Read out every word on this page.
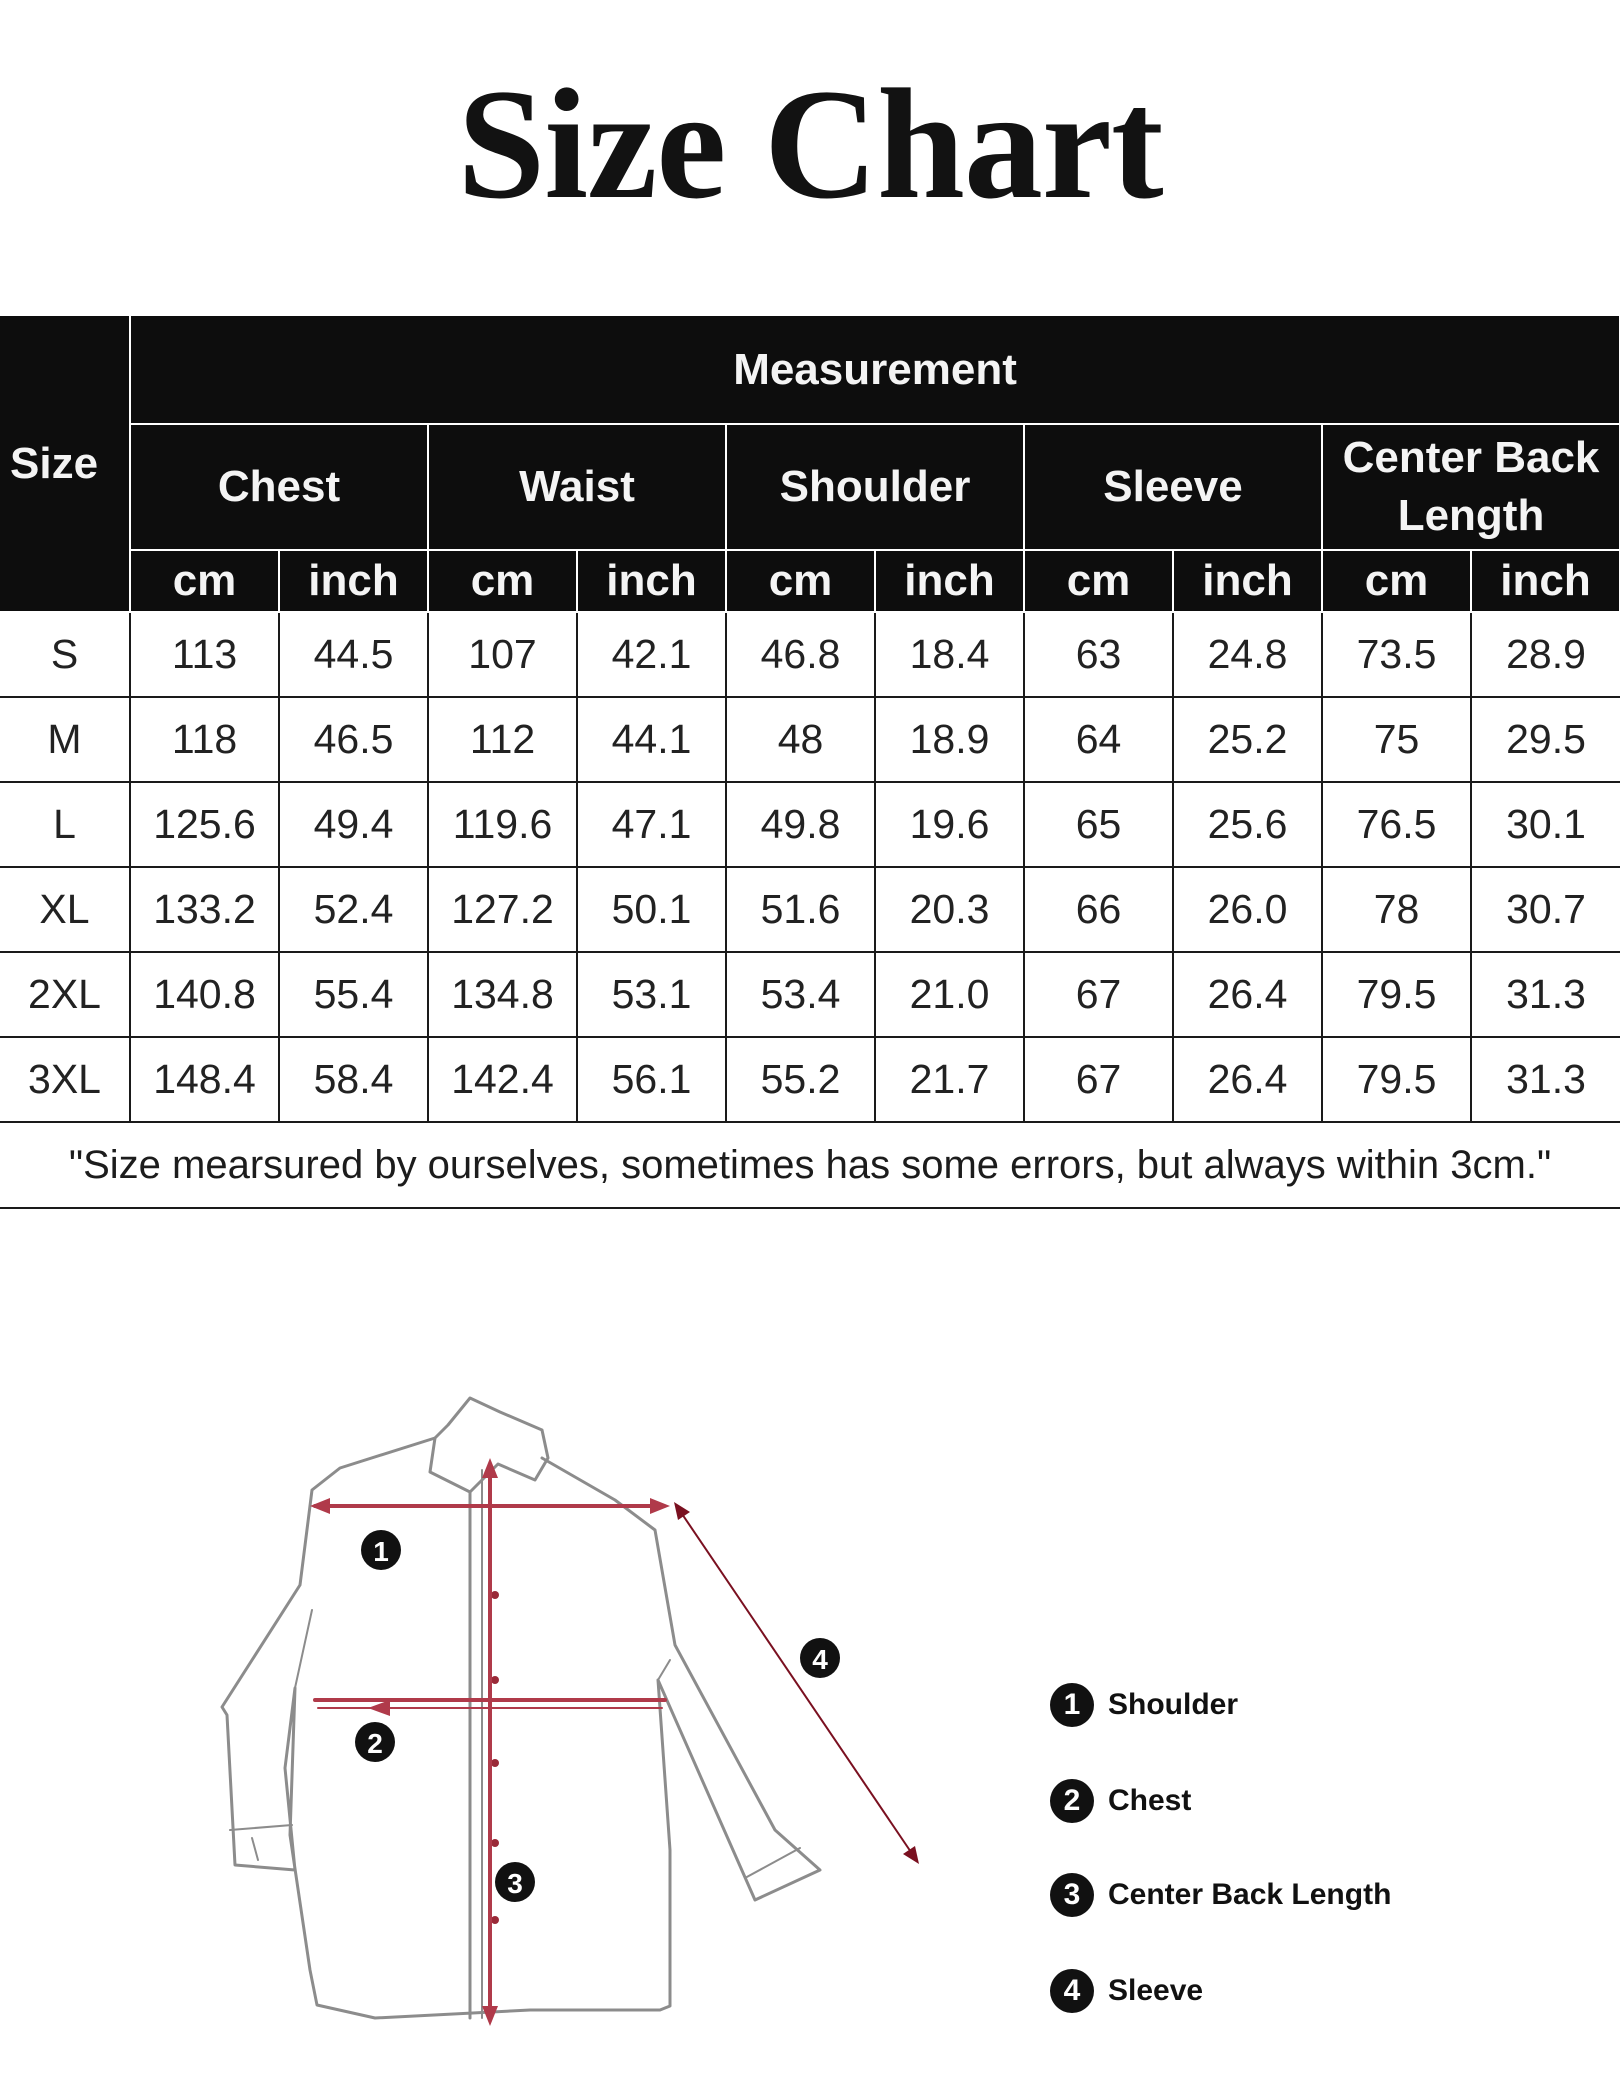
Size Chart
Size	Measurement									
	Chest		Waist		Shoulder		Sleeve		Center Back
Length	
	cm	inch	cm	inch	cm	inch	cm	inch	cm	inch
S	113	44.5	107	42.1	46.8	18.4	63	24.8	73.5	28.9
M	118	46.5	112	44.1	48	18.9	64	25.2	75	29.5
L	125.6	49.4	119.6	47.1	49.8	19.6	65	25.6	76.5	30.1
XL	133.2	52.4	127.2	50.1	51.6	20.3	66	26.0	78	30.7
2XL	140.8	55.4	134.8	53.1	53.4	21.0	67	26.4	79.5	31.3
3XL	148.4	58.4	142.4	56.1	55.2	21.7	67	26.4	79.5	31.3
"Size mearsured by ourselves, sometimes has some errors, but always within 3cm."										
1
2
3
4
1 Shoulder
2 Chest
3 Center Back Length
4 Sleeve
